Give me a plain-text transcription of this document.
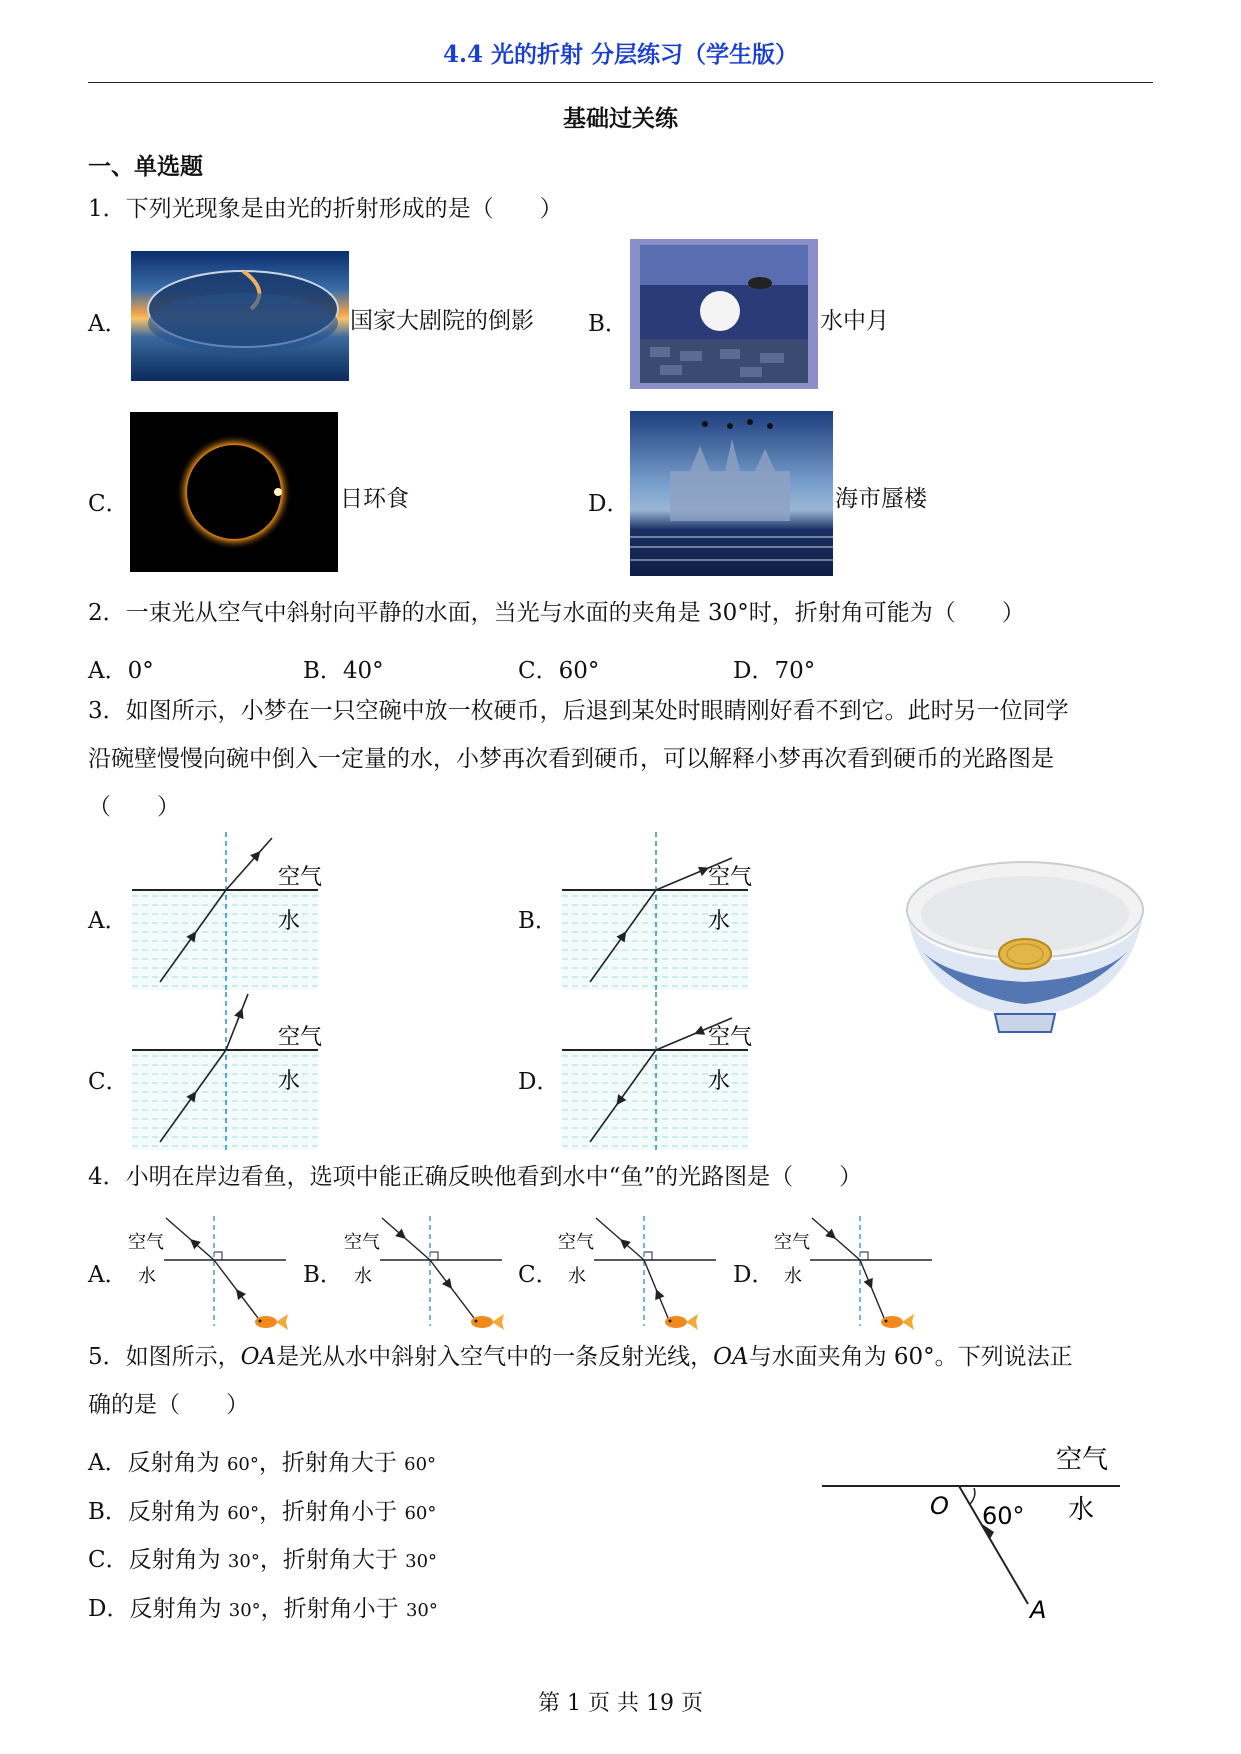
4.4 光的折射 分层练习（学生版）
基础过关练
一、单选题
1．下列光现象是由光的折射形成的是（　　）
A．	国家大剧院的倒影 B．	水中月
C．	日环食	D．	海市蜃楼
2．一束光从空气中斜射向平静的水面，当光与水面的夹角是 30°时，折射角可能为（　　）
A．0°	B．40°	C．60°	D．70°
3．如图所示，小梦在一只空碗中放一枚硬币，后退到某处时眼睛刚好看不到它。此时另一位同学
沿碗壁慢慢向碗中倒入一定量的水，小梦再次看到硬币，可以解释小梦再次看到硬币的光路图是
（　　）
A．	B．
C．	D．
空气
水
空气
水
空气
水
空气
水
4．小明在岸边看鱼，选项中能正确反映他看到水中“鱼”的光路图是（　　）
A．	B．	C．	D．
空气
水
空气
水
空气
水
空气
水
5．如图所示，OA是光从水中斜射入空气中的一条反射光线，OA与水面夹角为 60°。下列说法正
确的是（　　）
A．反射角为 60°，折射角大于 60°
B．反射角为 60°，折射角小于 60°
C．反射角为 30°，折射角大于 30°
D．反射角为 30°，折射角小于 30°
空气
水
O 60°
A
第 1 页 共 19 页
